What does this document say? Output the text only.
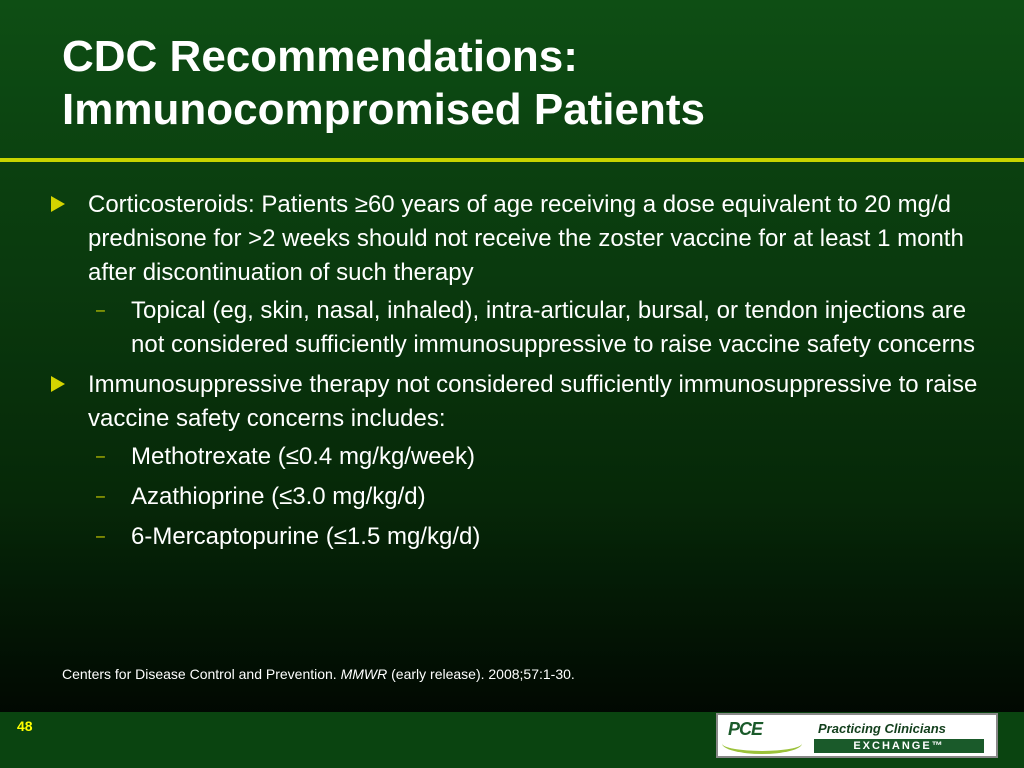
CDC Recommendations:
Immunocompromised Patients
Corticosteroids: Patients ≥60 years of age receiving a dose equivalent to 20 mg/d prednisone for >2 weeks should not receive the zoster vaccine for at least 1 month after discontinuation of such therapy
– Topical (eg, skin, nasal, inhaled), intra-articular, bursal, or tendon injections are not considered sufficiently immunosuppressive to raise vaccine safety concerns
Immunosuppressive therapy not considered sufficiently immunosuppressive to raise vaccine safety concerns includes:
– Methotrexate (≤0.4 mg/kg/week)
– Azathioprine (≤3.0 mg/kg/d)
– 6-Mercaptopurine (≤1.5 mg/kg/d)
Centers for Disease Control and Prevention. MMWR (early release). 2008;57:1-30.
48	PCE	Practicing Clinicians
EXCHANGE™
